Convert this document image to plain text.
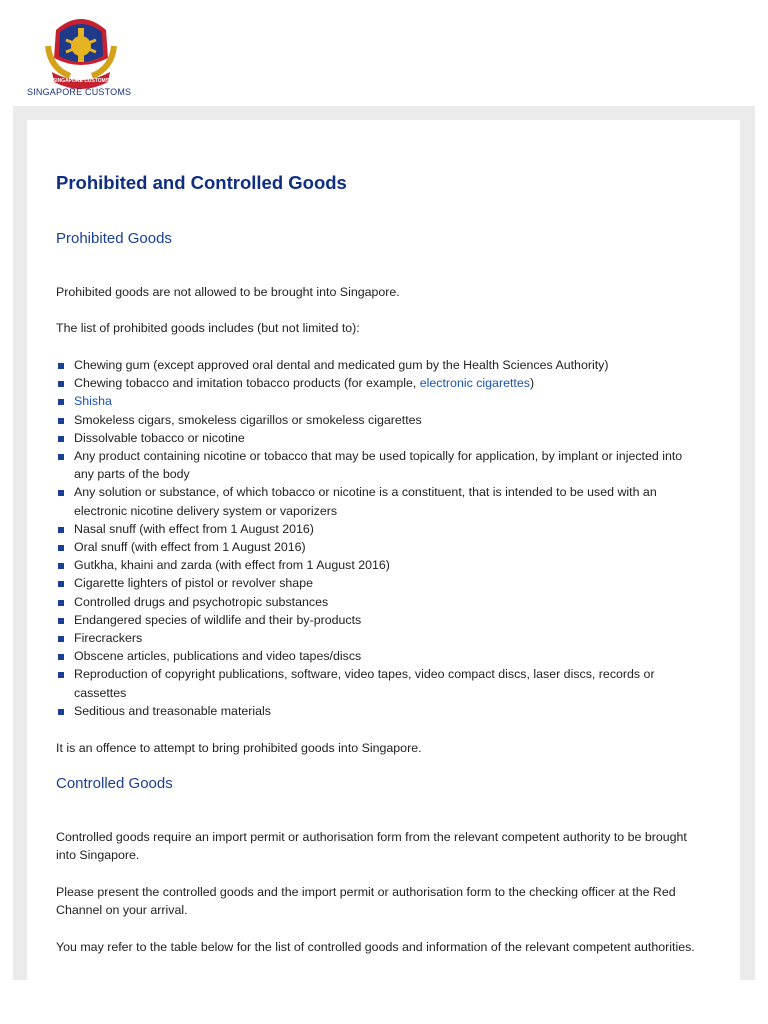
SINGAPORE CUSTOMS
SINGAPORE CUSTOMS
Prohibited and Controlled Goods
Prohibited Goods

Prohibited goods are not allowed to be brought into Singapore.

The list of prohibited goods includes (but not limited to):

Chewing gum (except approved oral dental and medicated gum by the Health Sciences Authority)
Chewing tobacco and imitation tobacco products (for example, electronic cigarettes)
Shisha
Smokeless cigars, smokeless cigarillos or smokeless cigarettes
Dissolvable tobacco or nicotine
Any product containing nicotine or tobacco that may be used topically for application, by implant or injected into any parts of the body
Any solution or substance, of which tobacco or nicotine is a constituent, that is intended to be used with an electronic nicotine delivery system or vaporizers
Nasal snuff (with effect from 1 August 2016)
Oral snuff (with effect from 1 August 2016)
Gutkha, khaini and zarda (with effect from 1 August 2016)
Cigarette lighters of pistol or revolver shape
Controlled drugs and psychotropic substances
Endangered species of wildlife and their by-products
Firecrackers
Obscene articles, publications and video tapes/discs
Reproduction of copyright publications, software, video tapes, video compact discs, laser discs, records or cassettes
Seditious and treasonable materials

It is an offence to attempt to bring prohibited goods into Singapore.

Controlled Goods

Controlled goods require an import permit or authorisation form from the relevant competent authority to be brought into Singapore.

Please present the controlled goods and the import permit or authorisation form to the checking officer at the Red Channel on your arrival.

You may refer to the table below for the list of controlled goods and information of the relevant competent authorities.
